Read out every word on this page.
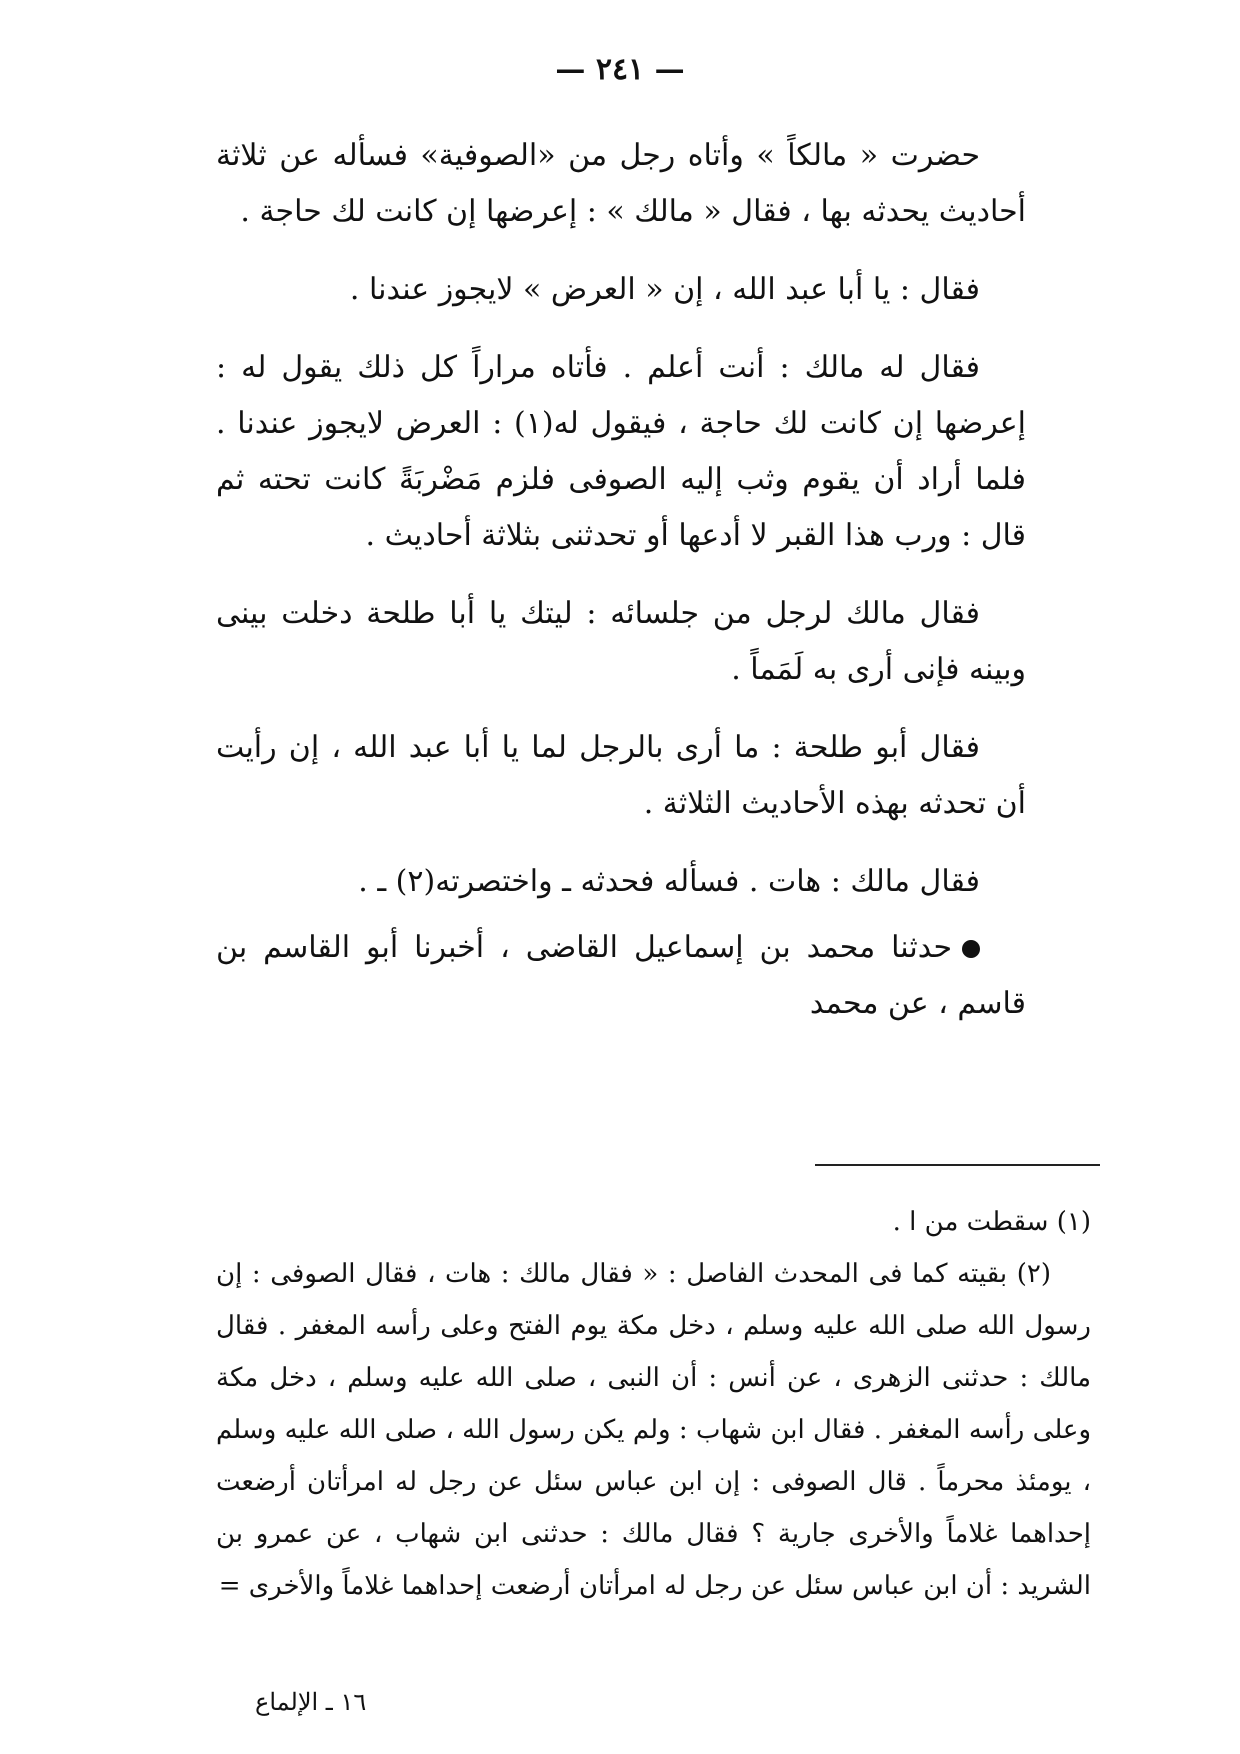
— ٢٤١ —

حضرت « مالكاً » وأتاه رجل من «الصوفية» فسأله عن ثلاثة أحاديث يحدثه بها ، فقال « مالك » : إعرضها إن كانت لك حاجة .

فقال : يا أبا عبد الله ، إن « العرض » لايجوز عندنا .

فقال له مالك : أنت أعلم . فأتاه مراراً كل ذلك يقول له : إعرضها إن كانت لك حاجة ، فيقول له(١) : العرض لايجوز عندنا . فلما أراد أن يقوم وثب إليه الصوفى فلزم مَضْربَةً كانت تحته ثم قال : ورب هذا القبر لا أدعها أو تحدثنى بثلاثة أحاديث .

فقال مالك لرجل من جلسائه : ليتك يا أبا طلحة دخلت بينى وبينه فإنى أرى به لَمَماً .

فقال أبو طلحة : ما أرى بالرجل لما يا أبا عبد الله ، إن رأيت أن تحدثه بهذه الأحاديث الثلاثة .

فقال مالك : هات . فسأله فحدثه ـ واختصرته(٢) ـ .

حدثنا محمد بن إسماعيل القاضى ، أخبرنا أبو القاسم بن قاسم ، عن محمد

(١) سقطت من ا .

(٢) بقيته كما فى المحدث الفاصل : « فقال مالك : هات ، فقال الصوفى : إن رسول الله صلى الله عليه وسلم ، دخل مكة يوم الفتح وعلى رأسه المغفر . فقال مالك : حدثنى الزهرى ، عن أنس : أن النبى ، صلى الله عليه وسلم ، دخل مكة وعلى رأسه المغفر . فقال ابن شهاب : ولم يكن رسول الله ، صلى الله عليه وسلم ، يومئذ محرماً . قال الصوفى : إن ابن عباس سئل عن رجل له امرأتان أرضعت إحداهما غلاماً والأخرى جارية ؟ فقال مالك : حدثنى ابن شهاب ، عن عمرو بن الشريد : أن ابن عباس سئل عن رجل له امرأتان أرضعت إحداهما غلاماً والأخرى =

١٦ ـ الإلماع
